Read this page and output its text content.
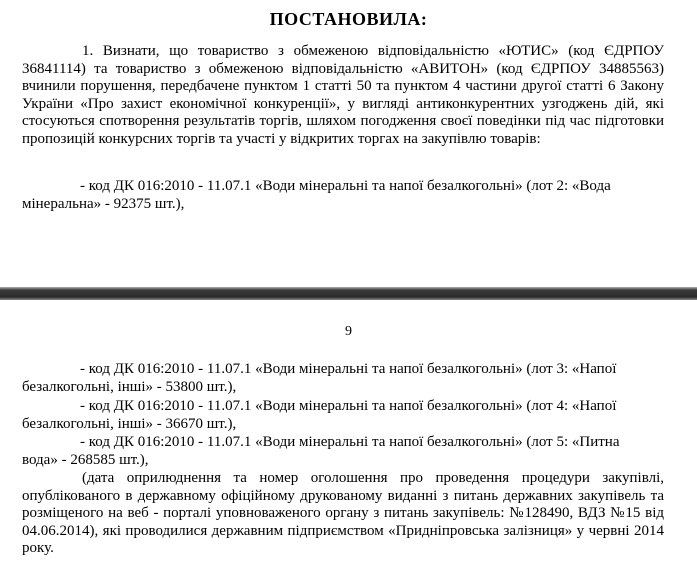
ПОСТАНОВИЛА:
1. Визнати, що товариство з обмеженою відповідальністю «ЮТИС» (код ЄДРПОУ 36841114) та товариство з обмеженою відповідальністю «АВИТОН» (код ЄДРПОУ 34885563) вчинили порушення, передбачене пунктом 1 статті 50 та пунктом 4 частини другої статті 6 Закону України «Про захист економічної конкуренції», у вигляді антиконкурентних узгоджень дій, які стосуються спотворення результатів торгів, шляхом погодження своєї поведінки під час підготовки пропозицій конкурсних торгів та участі у відкритих торгах на закупівлю товарів:
- код ДК 016:2010 - 11.07.1 «Води мінеральні та напої безалкогольні» (лот 2: «Вода
мінеральна» - 92375 шт.),
9
- код ДК 016:2010 - 11.07.1 «Води мінеральні та напої безалкогольні» (лот 3: «Напої
безалкогольні, інші» - 53800 шт.),
- код ДК 016:2010 - 11.07.1 «Води мінеральні та напої безалкогольні» (лот 4: «Напої
безалкогольні, інші» - 36670 шт.),
- код ДК 016:2010 - 11.07.1 «Води мінеральні та напої безалкогольні» (лот 5: «Питна
вода» - 268585 шт.),
(дата оприлюднення та номер оголошення про проведення процедури закупівлі, опублікованого в державному офіційному друкованому виданні з питань державних закупівель та розміщеного на веб - порталі уповноваженого органу з питань закупівель: №128490, ВДЗ №15 від 04.06.2014), які проводилися державним підприємством «Придніпровська залізниця» у червні 2014 року.
